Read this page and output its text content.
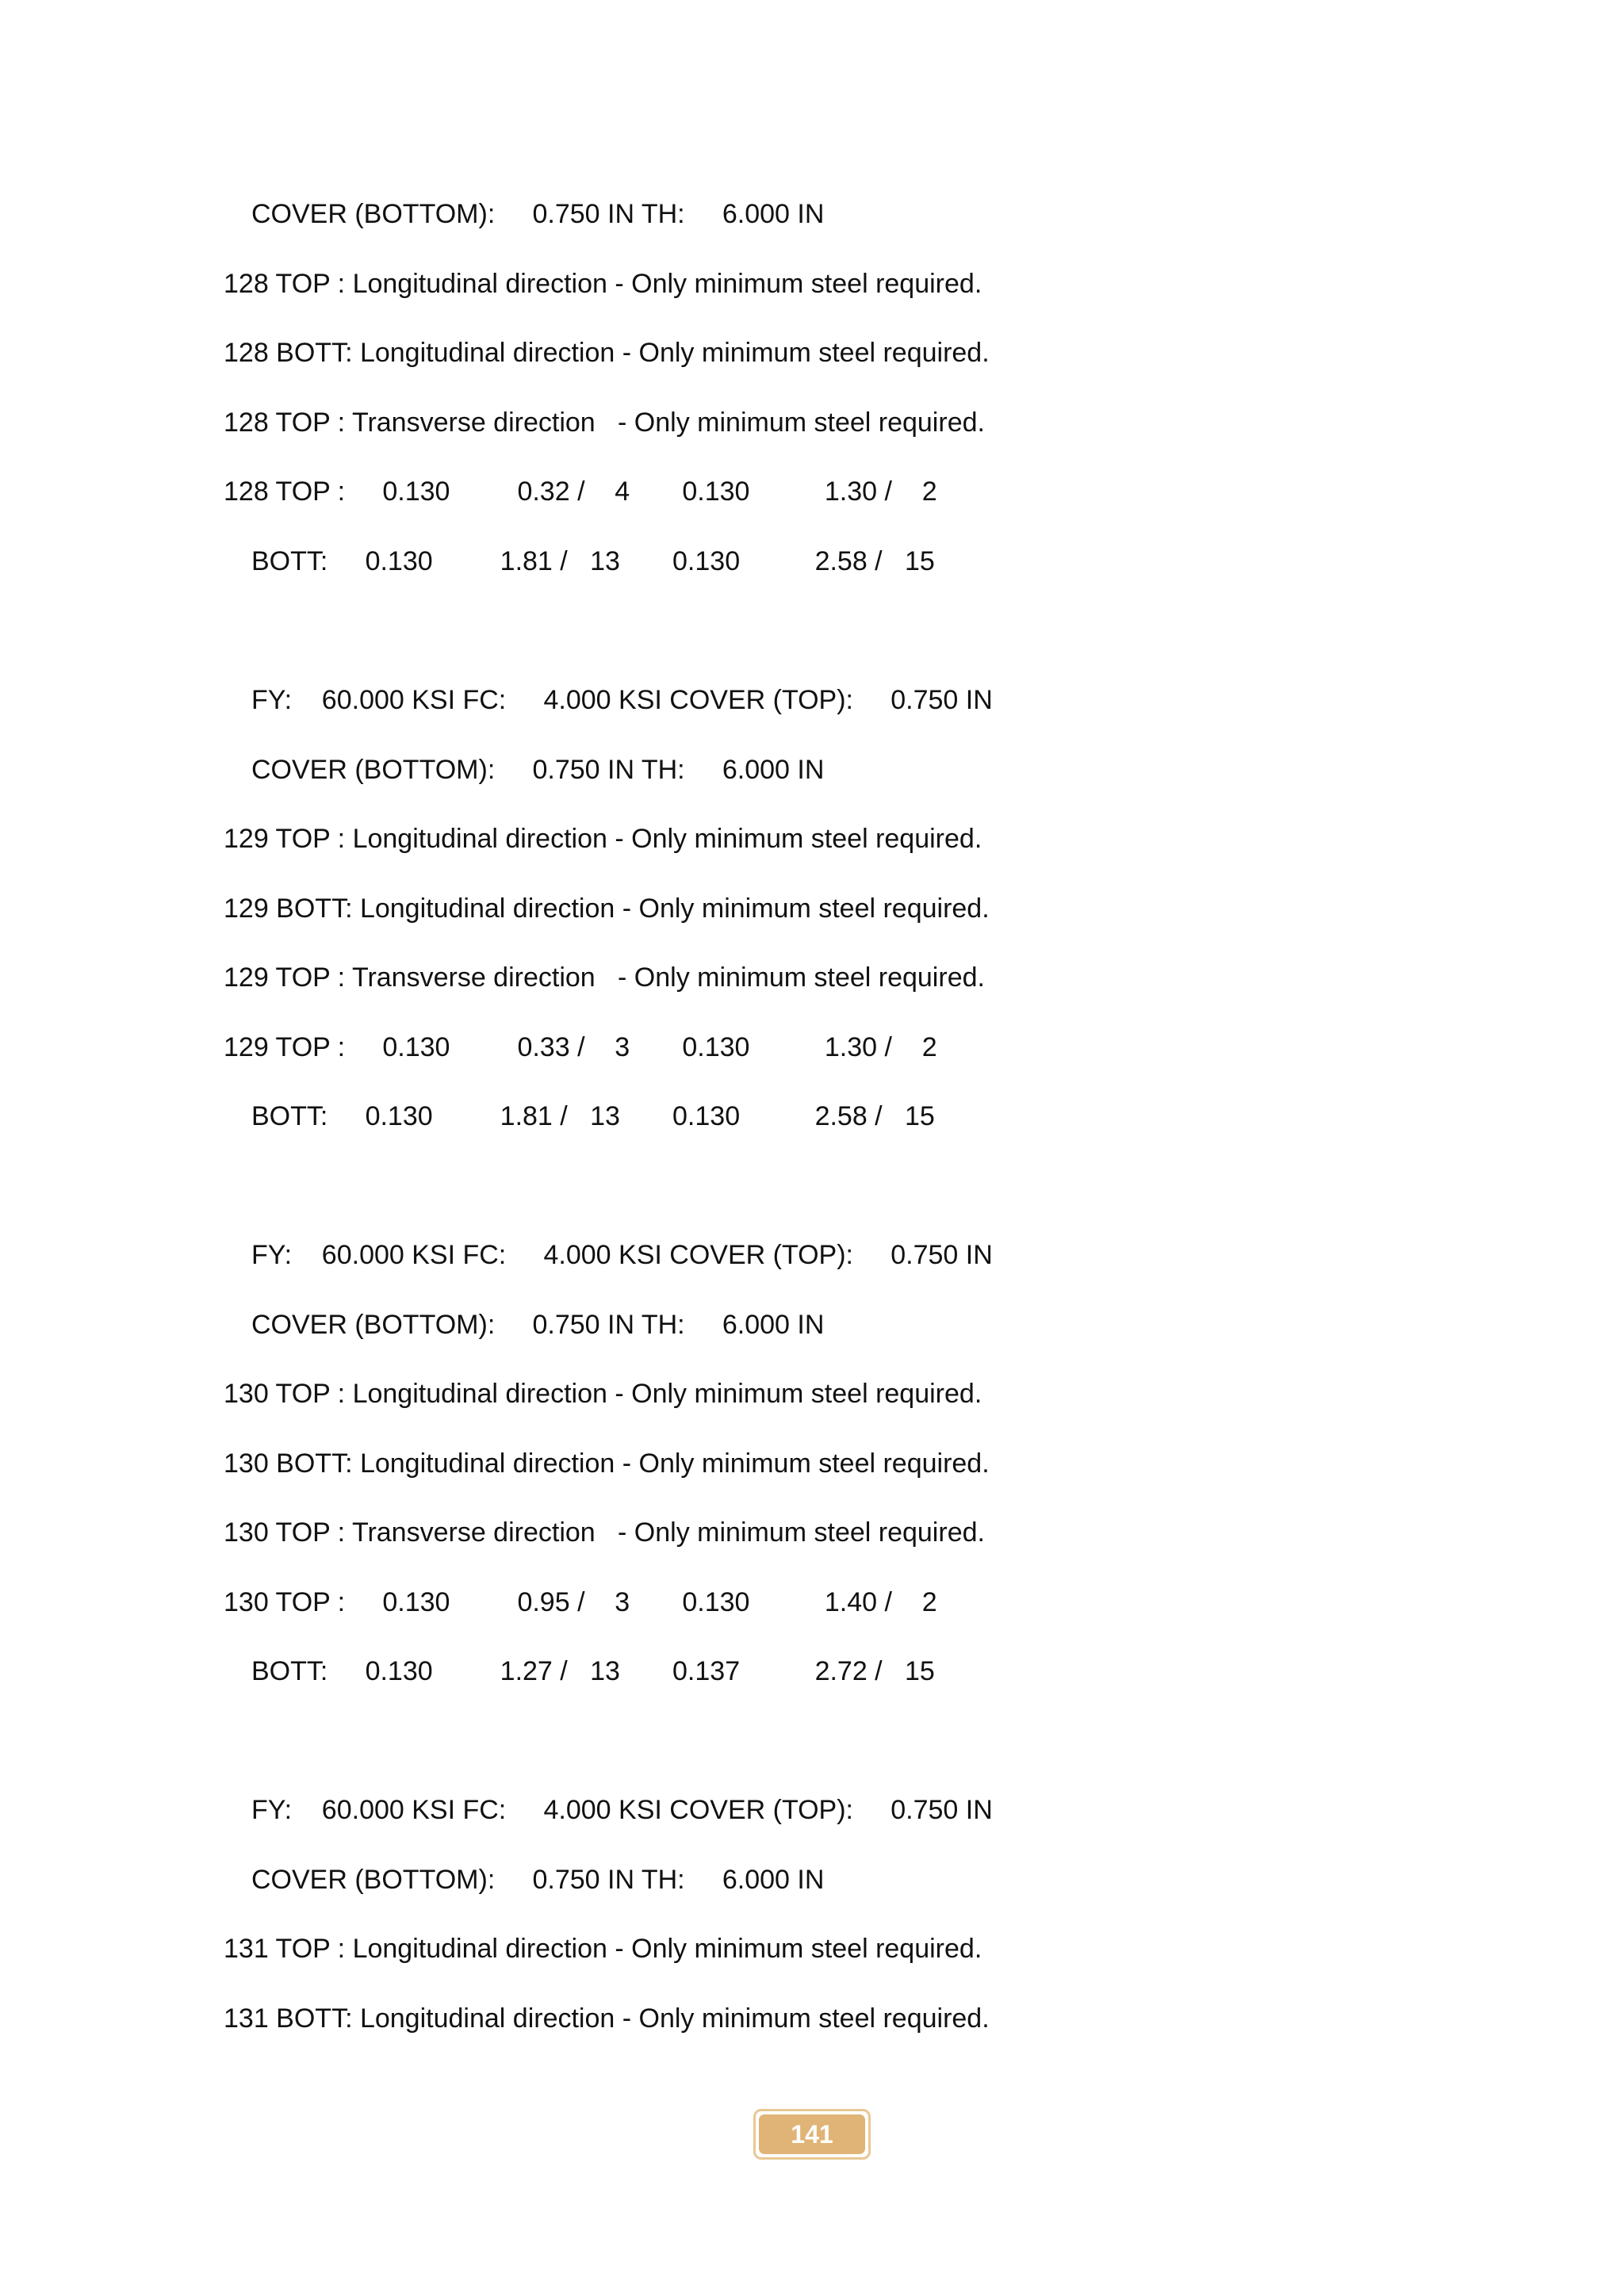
COVER (BOTTOM):     0.750 IN TH:     6.000 IN
128 TOP : Longitudinal direction - Only minimum steel required.
128 BOTT: Longitudinal direction - Only minimum steel required.
128 TOP : Transverse direction   - Only minimum steel required.
128 TOP :     0.130         0.32 /    4       0.130          1.30 /    2
BOTT:     0.130         1.81 /   13       0.130          2.58 /   15
FY:    60.000 KSI FC:     4.000 KSI COVER (TOP):     0.750 IN
COVER (BOTTOM):     0.750 IN TH:     6.000 IN
129 TOP : Longitudinal direction - Only minimum steel required.
129 BOTT: Longitudinal direction - Only minimum steel required.
129 TOP : Transverse direction   - Only minimum steel required.
129 TOP :     0.130         0.33 /    3       0.130          1.30 /    2
BOTT:     0.130         1.81 /   13       0.130          2.58 /   15
FY:    60.000 KSI FC:     4.000 KSI COVER (TOP):     0.750 IN
COVER (BOTTOM):     0.750 IN TH:     6.000 IN
130 TOP : Longitudinal direction - Only minimum steel required.
130 BOTT: Longitudinal direction - Only minimum steel required.
130 TOP : Transverse direction   - Only minimum steel required.
130 TOP :     0.130         0.95 /    3       0.130          1.40 /    2
BOTT:     0.130         1.27 /   13       0.137          2.72 /   15
FY:    60.000 KSI FC:     4.000 KSI COVER (TOP):     0.750 IN
COVER (BOTTOM):     0.750 IN TH:     6.000 IN
131 TOP : Longitudinal direction - Only minimum steel required.
131 BOTT: Longitudinal direction - Only minimum steel required.
141
